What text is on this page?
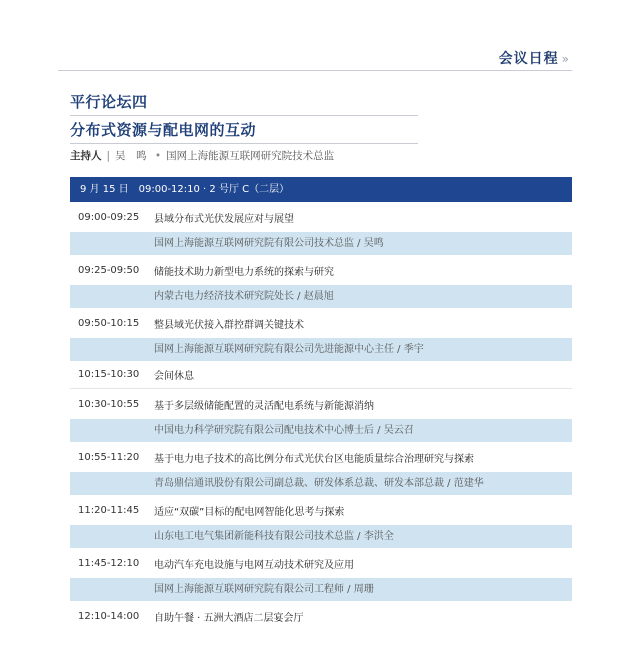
会议日程 »
平行论坛四
分布式资源与配电网的互动
主持人 | 吴　鸣 • 国网上海能源互联网研究院技术总监
9 月 15 日 09:00-12:10 · 2 号厅 C（二层）
09:00-09:25	县域分布式光伏发展应对与展望
国网上海能源互联网研究院有限公司技术总监 / 吴鸣
09:25-09:50	储能技术助力新型电力系统的探索与研究
内蒙古电力经济技术研究院处长 / 赵晨旭
09:50-10:15	整县域光伏接入群控群调关键技术
国网上海能源互联网研究院有限公司先进能源中心主任 / 季宇
10:15-10:30	会间休息
10:30-10:55	基于多层级储能配置的灵活配电系统与新能源消纳
中国电力科学研究院有限公司配电技术中心博士后 / 吴云召
10:55-11:20	基于电力电子技术的高比例分布式光伏台区电能质量综合治理研究与探索
青岛鼎信通讯股份有限公司副总裁、研发体系总裁、研发本部总裁 / 范建华
11:20-11:45	适应“双碳”目标的配电网智能化思考与探索
山东电工电气集团新能科技有限公司技术总监 / 李洪全
11:45-12:10	电动汽车充电设施与电网互动技术研究及应用
国网上海能源互联网研究院有限公司工程师 / 周珊
12:10-14:00	自助午餐 · 五洲大酒店二层宴会厅
